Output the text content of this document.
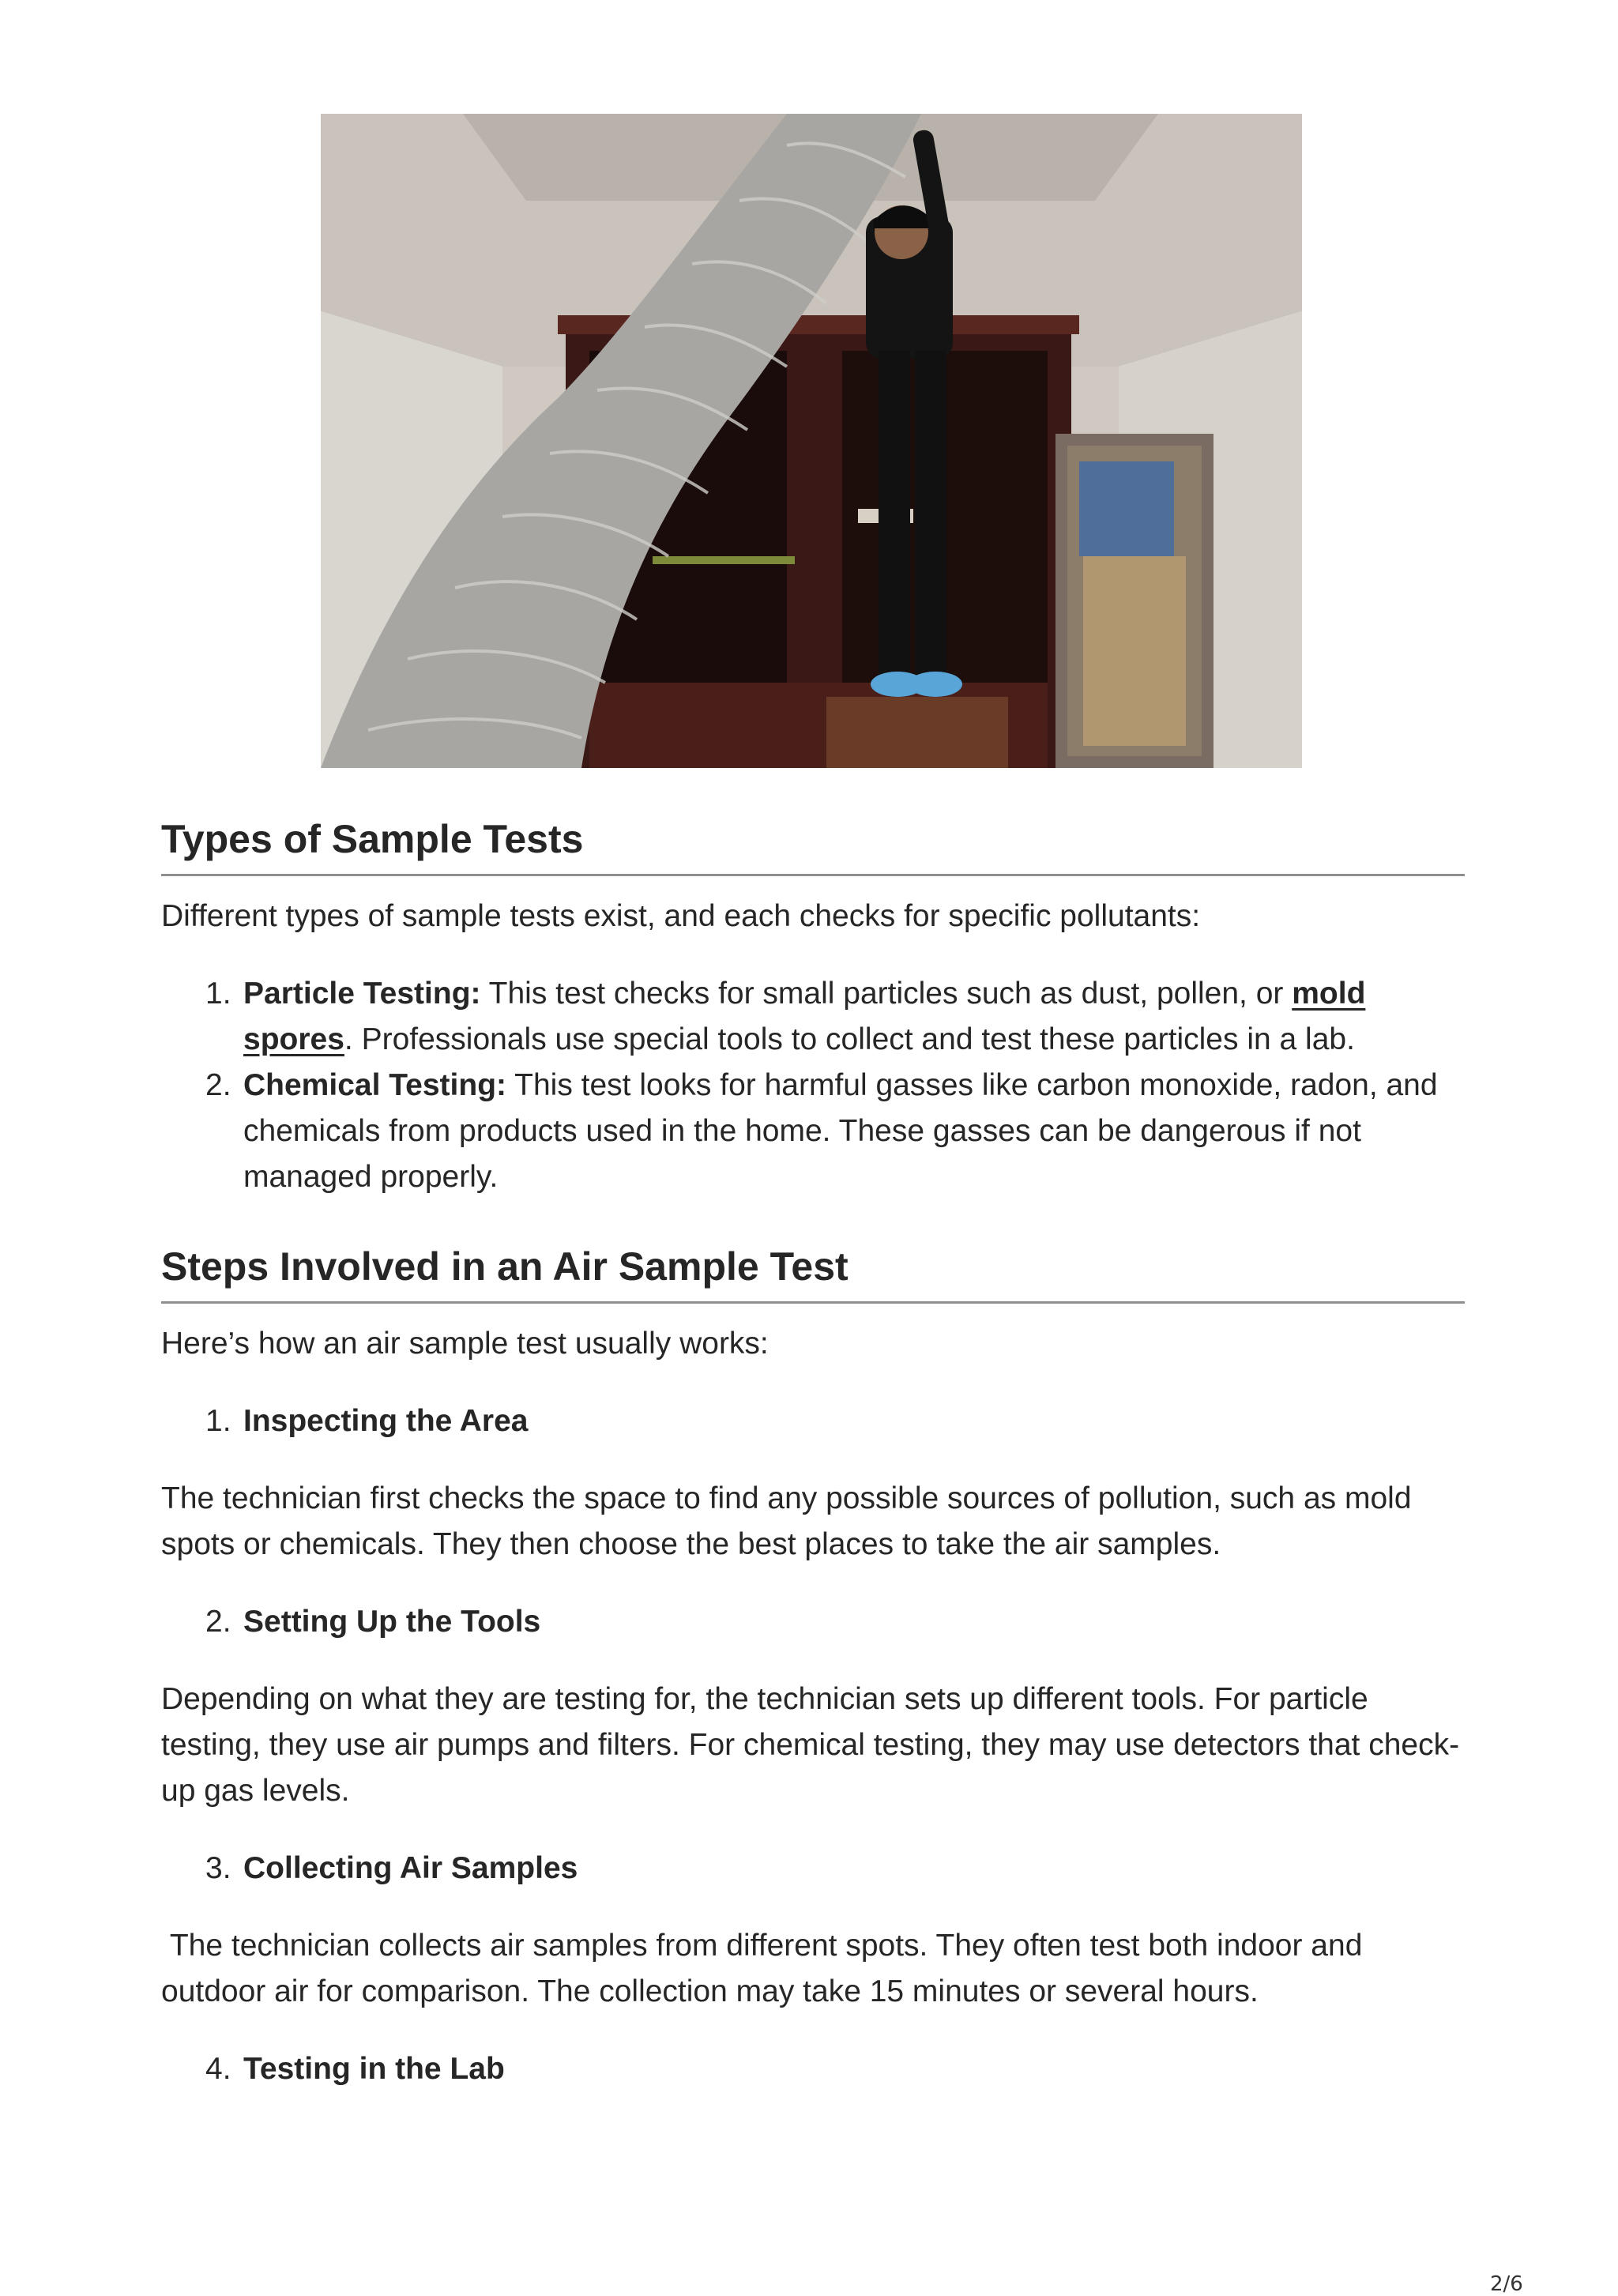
Types of Sample Tests

Different types of sample tests exist, and each checks for specific pollutants:

1. Particle Testing: This test checks for small particles such as dust, pollen, or mold spores. Professionals use special tools to collect and test these particles in a lab.
2. Chemical Testing: This test looks for harmful gasses like carbon monoxide, radon, and chemicals from products used in the home. These gasses can be dangerous if not managed properly.
Steps Involved in an Air Sample Test

Here’s how an air sample test usually works:

1. Inspecting the Area

The technician first checks the space to find any possible sources of pollution, such as mold spots or chemicals. They then choose the best places to take the air samples.

2. Setting Up the Tools

Depending on what they are testing for, the technician sets up different tools. For particle testing, they use air pumps and filters. For chemical testing, they may use detectors that check-up gas levels.

3. Collecting Air Samples

The technician collects air samples from different spots. They often test both indoor and outdoor air for comparison. The collection may take 15 minutes or several hours.

4. Testing in the Lab
2/6
